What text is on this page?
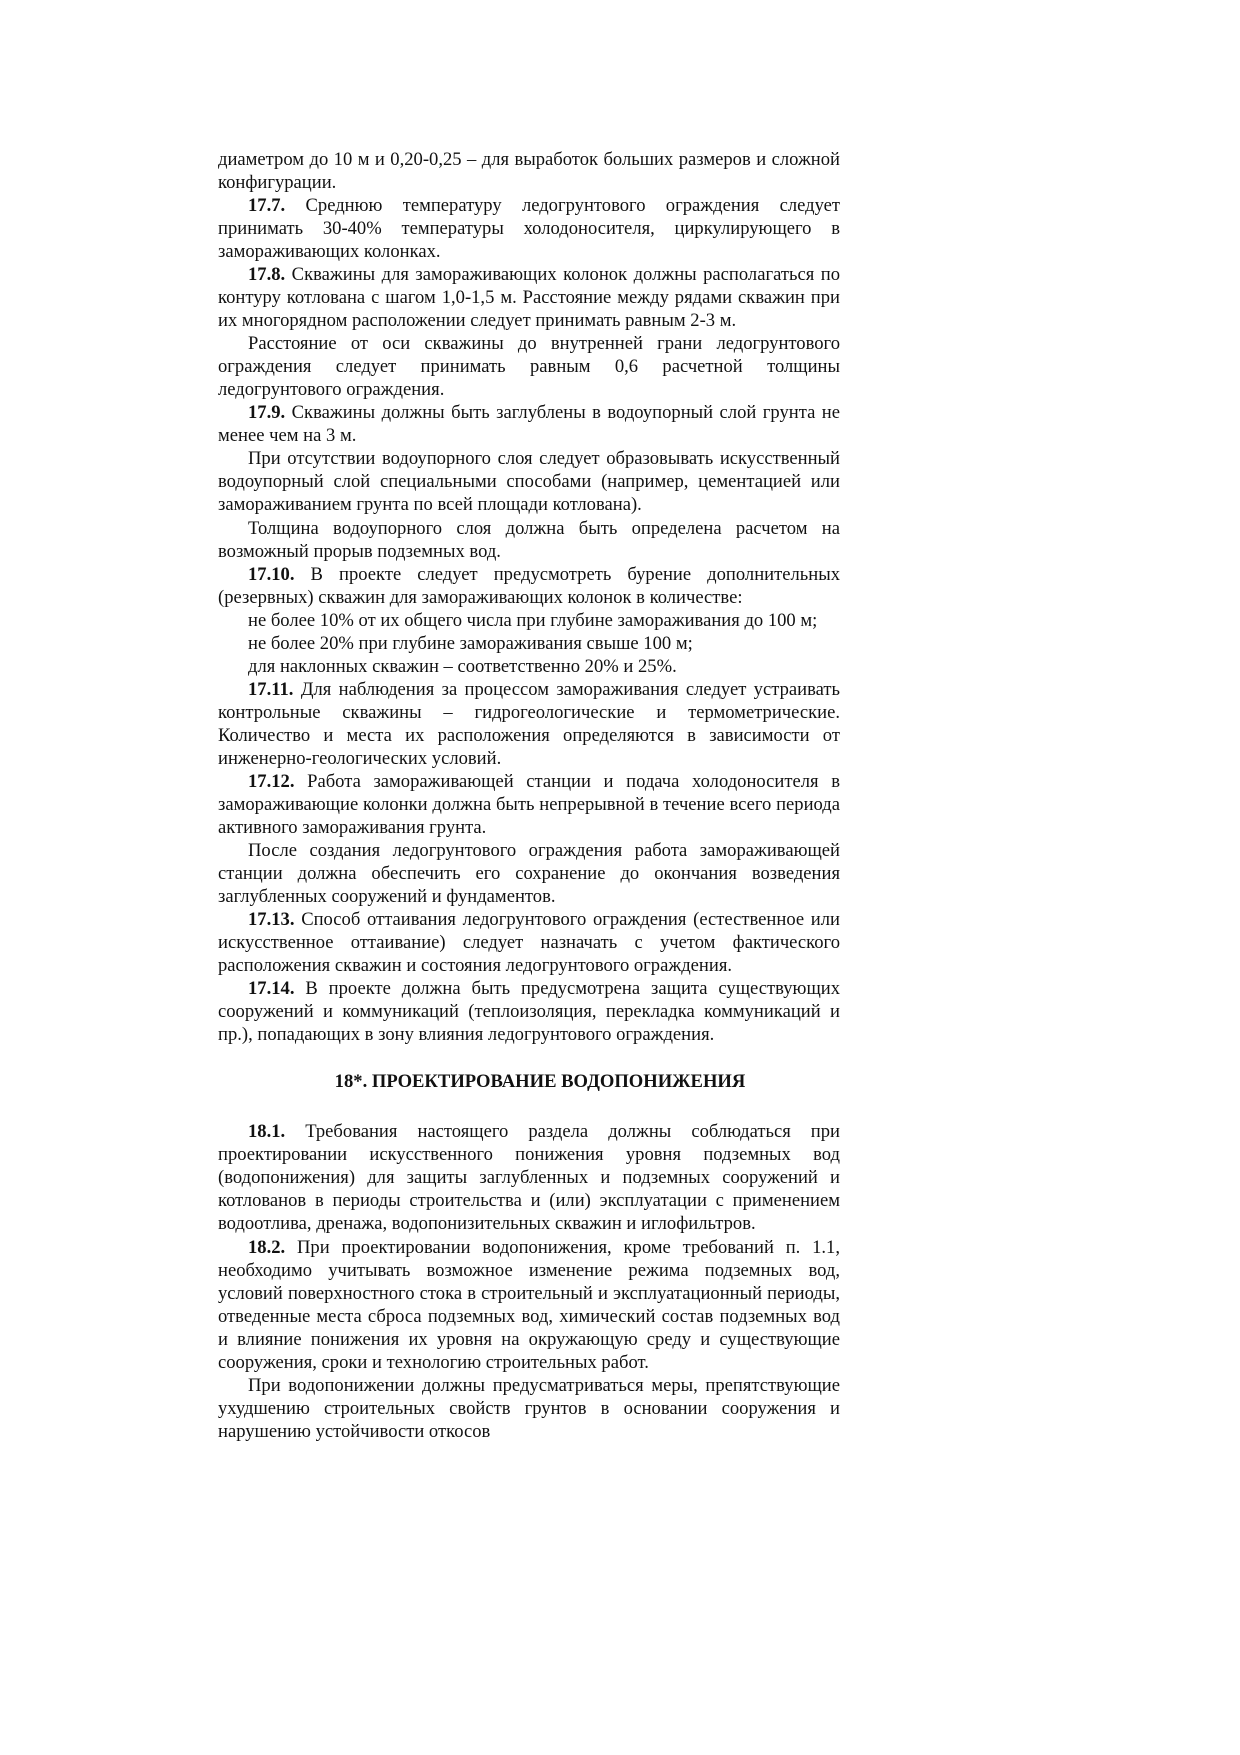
диаметром до 10 м и 0,20-0,25 – для выработок больших размеров и сложной конфигурации.

17.7. Среднюю температуру ледогрунтового ограждения следует принимать 30-40% температуры холодоносителя, циркулирующего в замораживающих колонках.

17.8. Скважины для замораживающих колонок должны располагаться по контуру котлована с шагом 1,0-1,5 м. Расстояние между рядами скважин при их многорядном расположении следует принимать равным 2-3 м.

Расстояние от оси скважины до внутренней грани ледогрунтового ограждения следует принимать равным 0,6 расчетной толщины ледогрунтового ограждения.

17.9. Скважины должны быть заглублены в водоупорный слой грунта не менее чем на 3 м.

При отсутствии водоупорного слоя следует образовывать искусственный водоупорный слой специальными способами (например, цементацией или замораживанием грунта по всей площади котлована).

Толщина водоупорного слоя должна быть определена расчетом на возможный прорыв подземных вод.

17.10. В проекте следует предусмотреть бурение дополнительных (резервных) скважин для замораживающих колонок в количестве:

не более 10% от их общего числа при глубине замораживания до 100 м;

не более 20% при глубине замораживания свыше 100 м;

для наклонных скважин – соответственно 20% и 25%.

17.11. Для наблюдения за процессом замораживания следует устраивать контрольные скважины – гидрогеологические и термометрические. Количество и места их расположения определяются в зависимости от инженерно-геологических условий.

17.12. Работа замораживающей станции и подача холодоносителя в замораживающие колонки должна быть непрерывной в течение всего периода активного замораживания грунта.

После создания ледогрунтового ограждения работа замораживающей станции должна обеспечить его сохранение до окончания возведения заглубленных сооружений и фундаментов.

17.13. Способ оттаивания ледогрунтового ограждения (естественное или искусственное оттаивание) следует назначать с учетом фактического расположения скважин и состояния ледогрунтового ограждения.

17.14. В проекте должна быть предусмотрена защита существующих сооружений и коммуникаций (теплоизоляция, перекладка коммуникаций и пр.), попадающих в зону влияния ледогрунтового ограждения.

18*. ПРОЕКТИРОВАНИЕ ВОДОПОНИЖЕНИЯ

18.1. Требования настоящего раздела должны соблюдаться при проектировании искусственного понижения уровня подземных вод (водопонижения) для защиты заглубленных и подземных сооружений и котлованов в периоды строительства и (или) эксплуатации с применением водоотлива, дренажа, водопонизительных скважин и иглофильтров.

18.2. При проектировании водопонижения, кроме требований п. 1.1, необходимо учитывать возможное изменение режима подземных вод, условий поверхностного стока в строительный и эксплуатационный периоды, отведенные места сброса подземных вод, химический состав подземных вод и влияние понижения их уровня на окружающую среду и существующие сооружения, сроки и технологию строительных работ.

При водопонижении должны предусматриваться меры, препятствующие ухудшению строительных свойств грунтов в основании сооружения и нарушению устойчивости откосов
